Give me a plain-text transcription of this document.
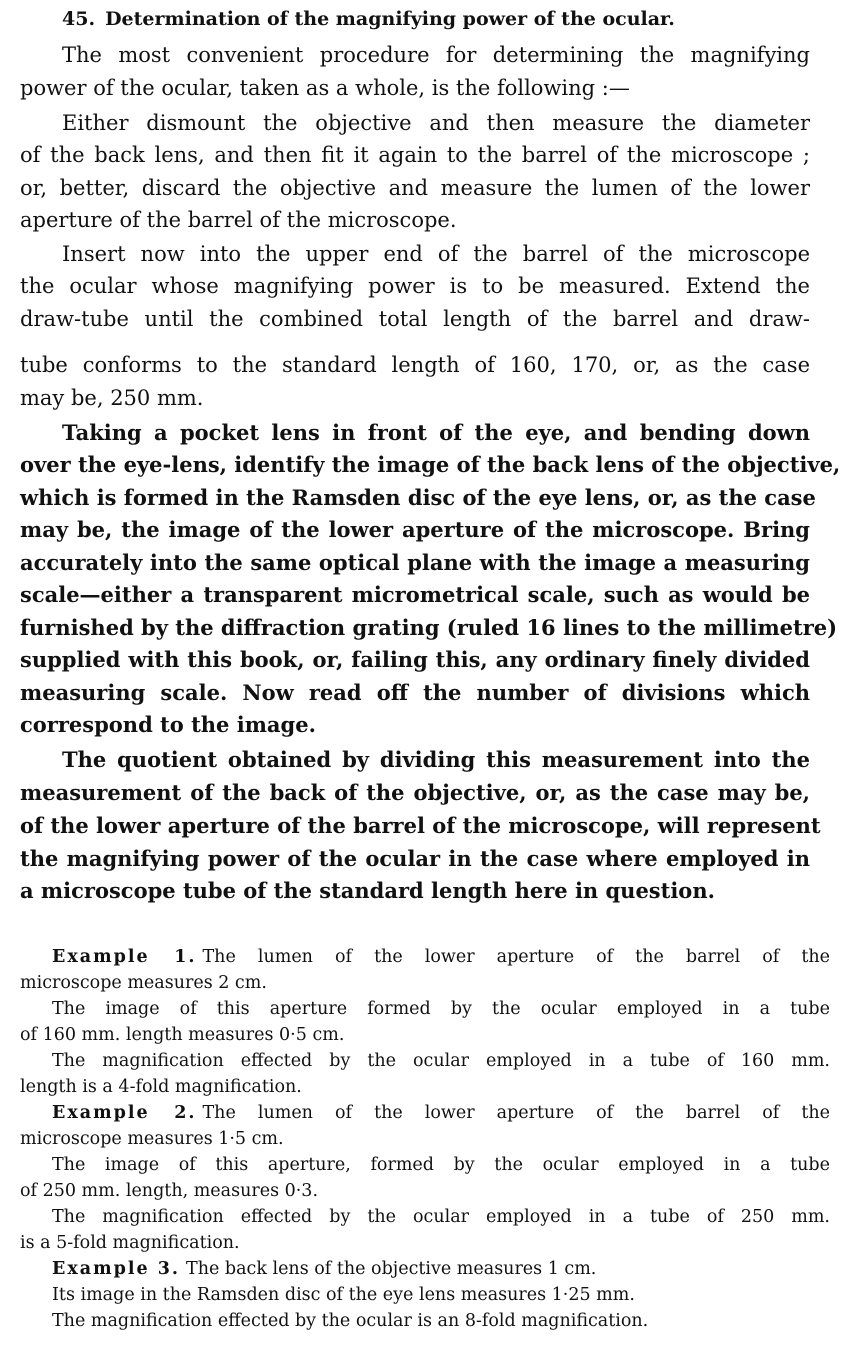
45. Determination of the magnifying power of the ocular.
The most convenient procedure for determining the magnifying
power of the ocular, taken as a whole, is the following :—
Either dismount the objective and then measure the diameter
of the back lens, and then fit it again to the barrel of the microscope ;
or, better, discard the objective and measure the lumen of the lower
aperture of the barrel of the microscope.
Insert now into the upper end of the barrel of the microscope
the ocular whose magnifying power is to be measured. Extend the
draw-tube until the combined total length of the barrel and draw-
tube conforms to the standard length of 160, 170, or, as the case
may be, 250 mm.
Taking a pocket lens in front of the eye, and bending down
over the eye-lens, identify the image of the back lens of the objective,
which is formed in the Ramsden disc of the eye lens, or, as the case
may be, the image of the lower aperture of the microscope. Bring
accurately into the same optical plane with the image a measuring
scale—either a transparent micrometrical scale, such as would be
furnished by the diffraction grating (ruled 16 lines to the millimetre)
supplied with this book, or, failing this, any ordinary finely divided
measuring scale. Now read off the number of divisions which
correspond to the image.
The quotient obtained by dividing this measurement into the
measurement of the back of the objective, or, as the case may be,
of the lower aperture of the barrel of the microscope, will represent
the magnifying power of the ocular in the case where employed in
a microscope tube of the standard length here in question.
Example 1. The lumen of the lower aperture of the barrel of the
microscope measures 2 cm.
The image of this aperture formed by the ocular employed in a tube
of 160 mm. length measures 0·5 cm.
The magnification effected by the ocular employed in a tube of 160 mm.
length is a 4-fold magnification.
Example 2. The lumen of the lower aperture of the barrel of the
microscope measures 1·5 cm.
The image of this aperture, formed by the ocular employed in a tube
of 250 mm. length, measures 0·3.
The magnification effected by the ocular employed in a tube of 250 mm.
is a 5-fold magnification.
Example 3. The back lens of the objective measures 1 cm.
Its image in the Ramsden disc of the eye lens measures 1·25 mm.
The magnification effected by the ocular is an 8-fold magnification.
